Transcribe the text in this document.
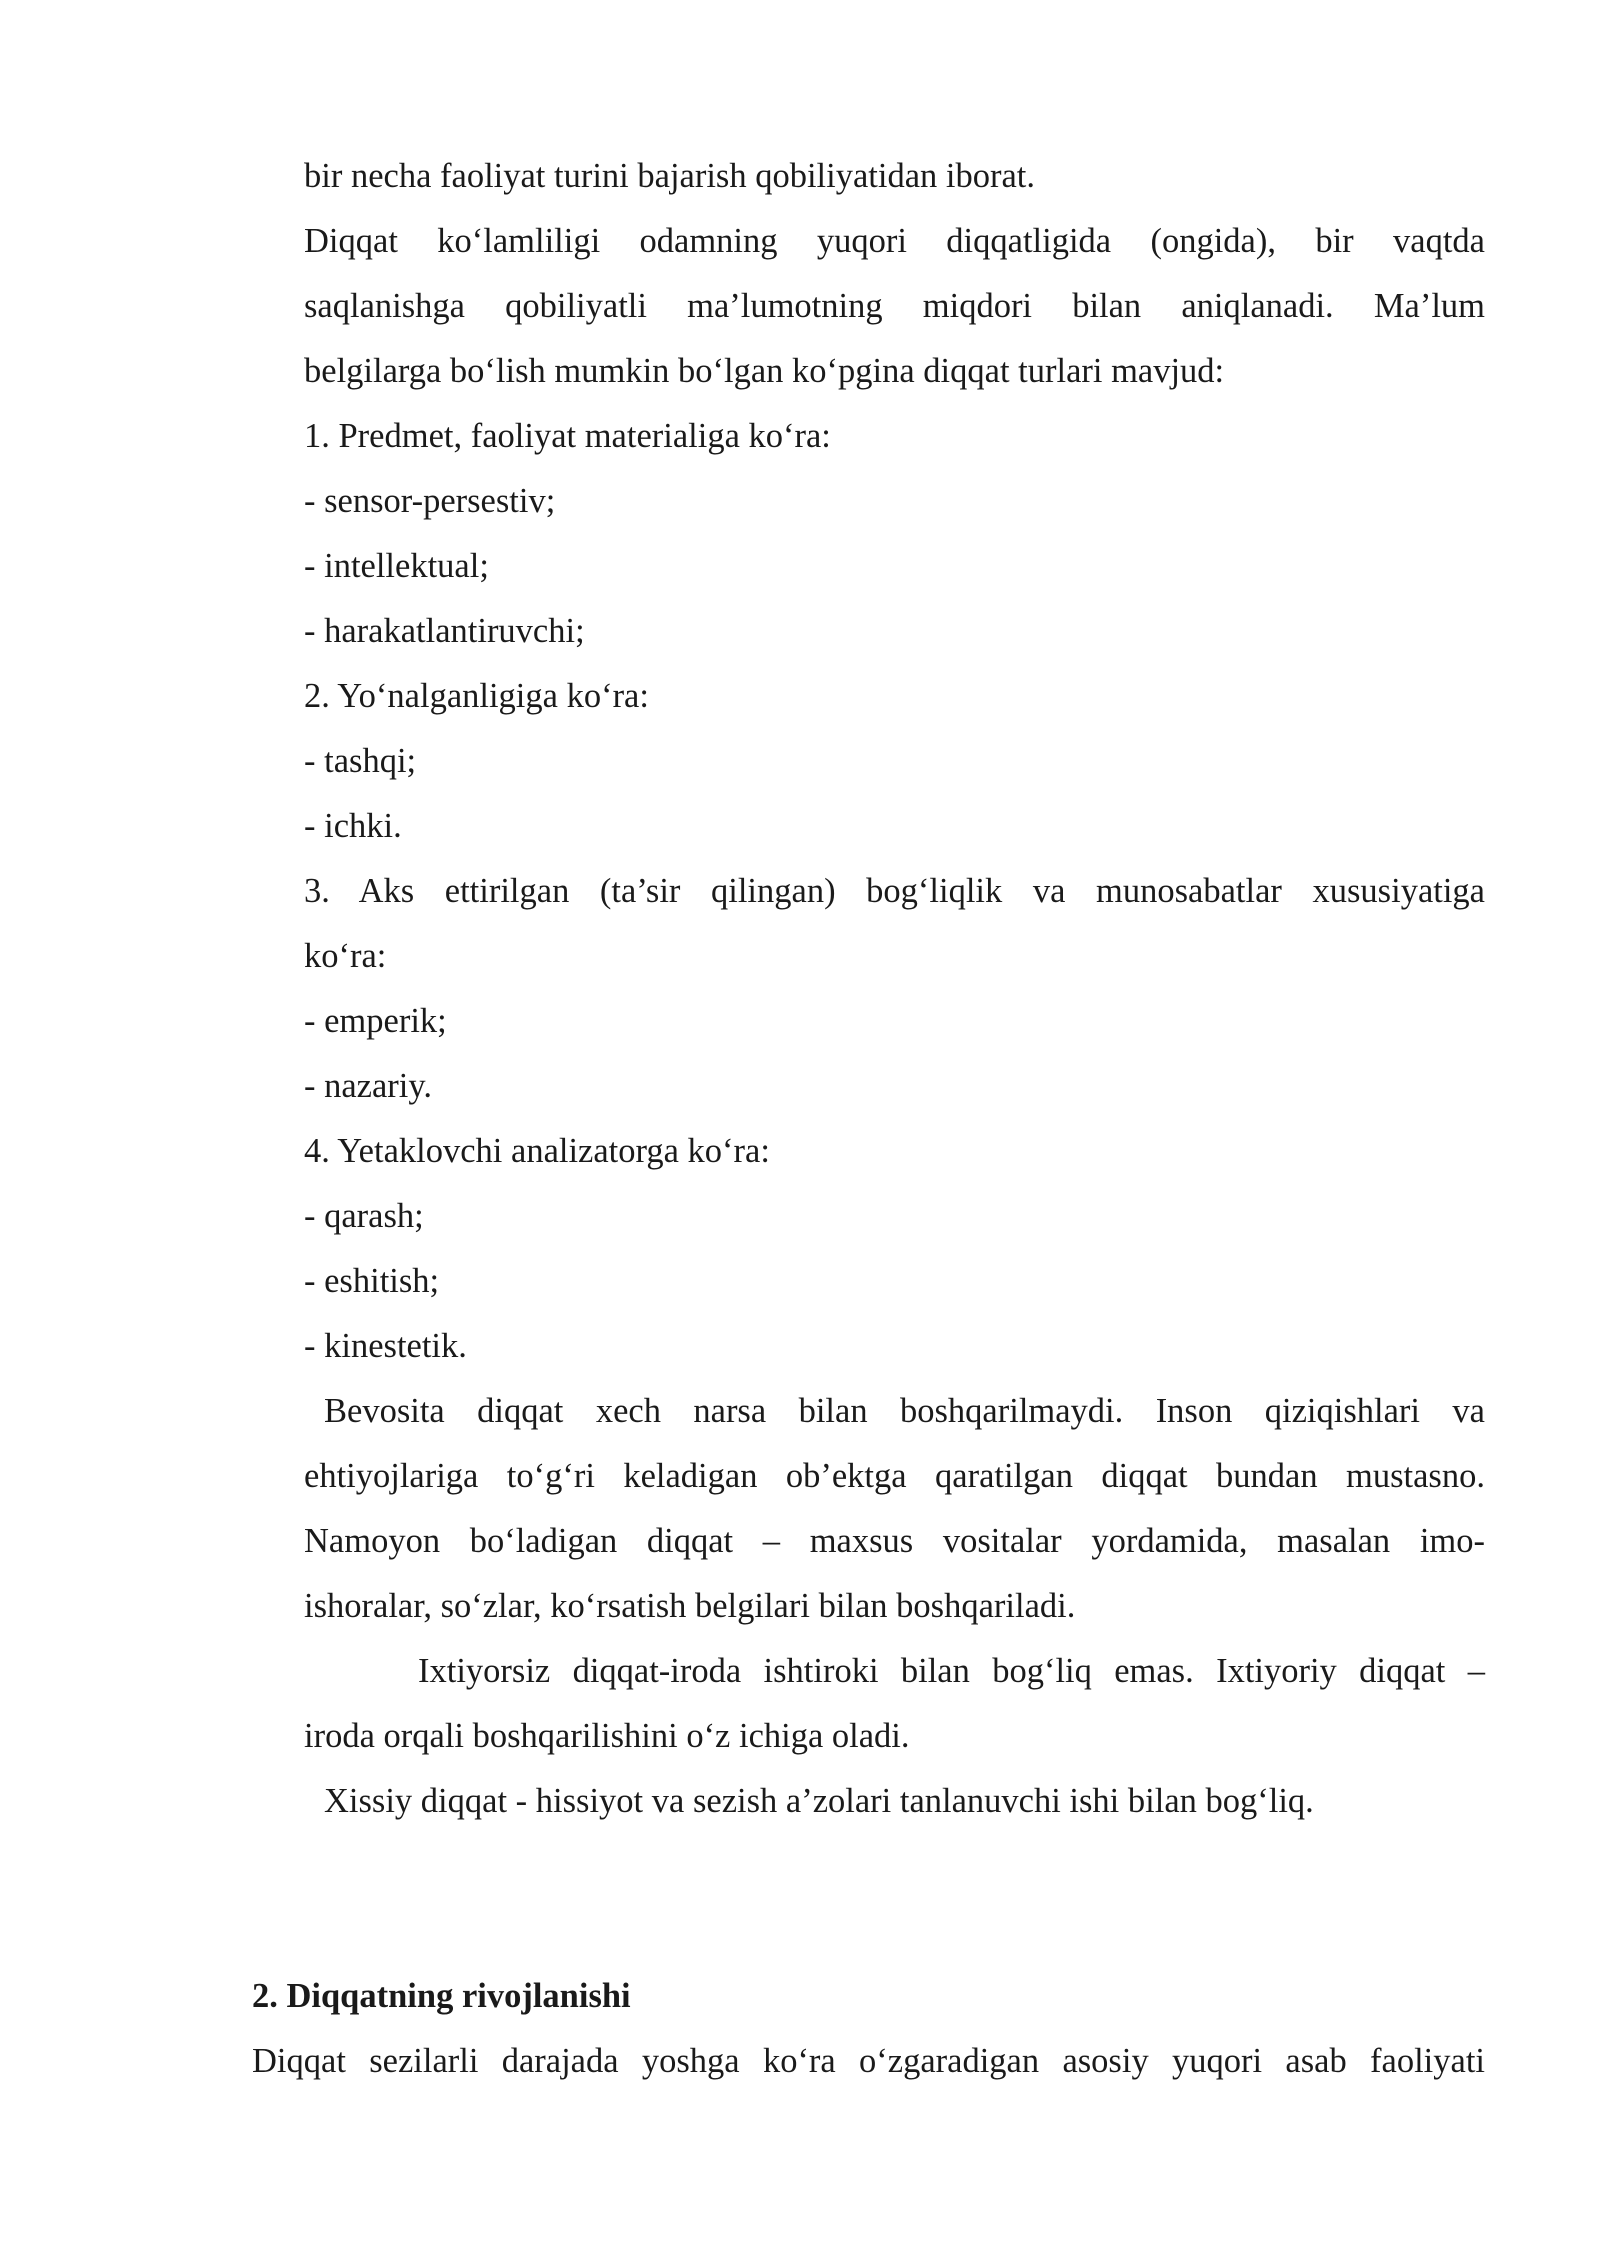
bir necha faoliyat turini bajarish qobiliyatidan iborat.

Diqqat ko‘lamliligi odamning yuqori diqqatligida (ongida), bir vaqtda

saqlanishga qobiliyatli ma’lumotning miqdori bilan aniqlanadi. Ma’lum

belgilarga bo‘lish mumkin bo‘lgan ko‘pgina diqqat turlari mavjud:

1. Predmet, faoliyat materialiga ko‘ra:

- sensor-persestiv;

- intellektual;

- harakatlantiruvchi;

2. Yo‘nalganligiga ko‘ra:

- tashqi;

- ichki.

3. Aks ettirilgan (ta’sir qilingan) bog‘liqlik va munosabatlar xususiyatiga

ko‘ra:

- emperik;

- nazariy.

4. Yetaklovchi analizatorga ko‘ra:

- qarash;

- eshitish;

- kinestetik.

Bevosita diqqat xech narsa bilan boshqarilmaydi. Inson qiziqishlari va

ehtiyojlariga to‘g‘ri keladigan ob’ektga qaratilgan diqqat bundan mustasno.

Namoyon bo‘ladigan diqqat – maxsus vositalar yordamida, masalan imo-

ishoralar, so‘zlar, ko‘rsatish belgilari bilan boshqariladi.

Ixtiyorsiz diqqat-iroda ishtiroki bilan bog‘liq emas. Ixtiyoriy diqqat –

iroda orqali boshqarilishini o‘z ichiga oladi.

Xissiy diqqat - hissiyot va sezish a’zolari tanlanuvchi ishi bilan bog‘liq.

2. Diqqatning rivojlanishi

Diqqat sezilarli darajada yoshga ko‘ra o‘zgaradigan asosiy yuqori asab faoliyati
